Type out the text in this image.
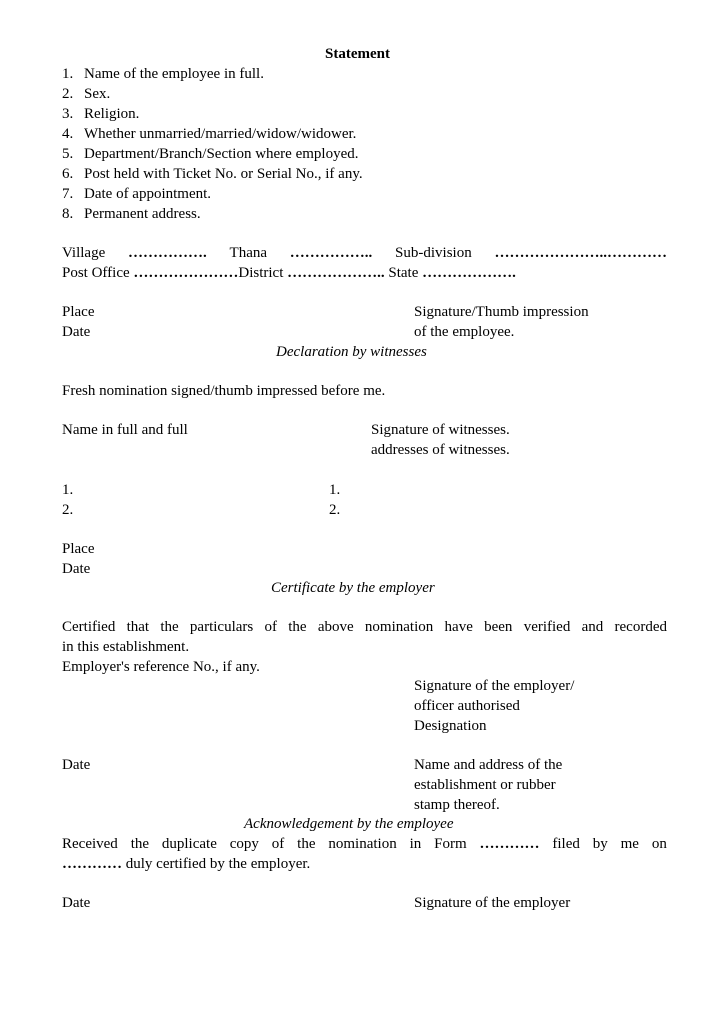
Statement
1. Name of the employee in full.
2. Sex.
3. Religion.
4. Whether unmarried/married/widow/widower.
5. Department/Branch/Section where employed.
6. Post held with Ticket No. or Serial No., if any.
7. Date of appointment.
8. Permanent address.
Village ……………. Thana …………….. Sub-division …………………..…………
Post Office …………………District ……………….. State ……………….
Place	Signature/Thumb impression
Date	of the employee.
Declaration by witnesses
Fresh nomination signed/thumb impressed before me.
Name in full and full	Signature of witnesses.
addresses of witnesses.
1.	1.
2.	2.
Place
Date
Certificate by the employer
Certified that the particulars of the above nomination have been verified and recorded
in this establishment.
Employer's reference No., if any.
Signature of the employer/
officer authorised
Designation
Date	Name and address of the
establishment or rubber
stamp thereof.
Acknowledgement by the employee
Received the duplicate copy of the nomination in Form ………… filed by me on
………… duly certified by the employer.
Date	Signature of the employer
